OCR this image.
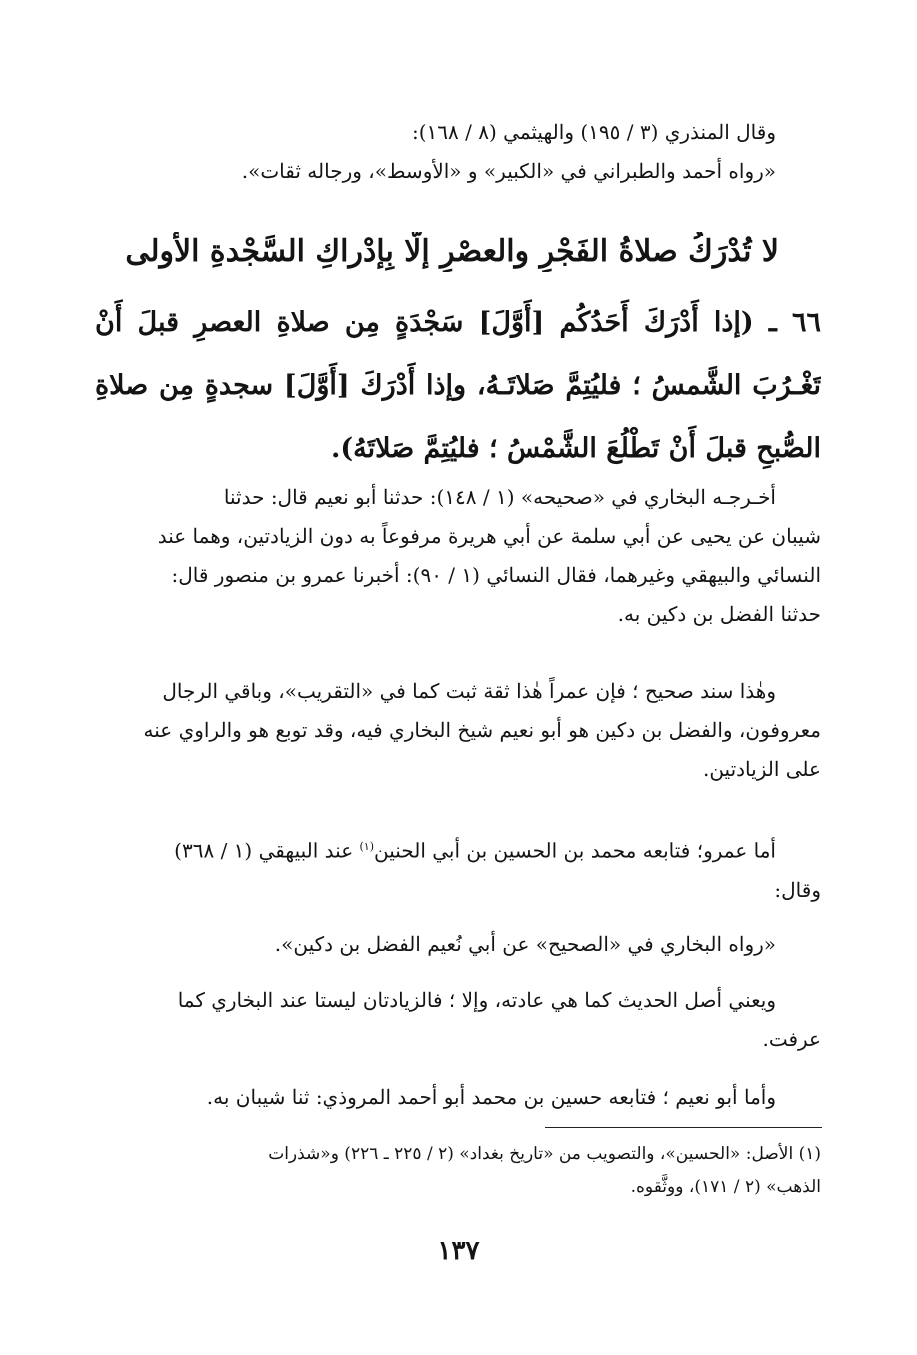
وقال المنذري (٣ / ١٩٥) والهيثمي (٨ / ١٦٨):
«رواه أحمد والطبراني في «الكبير» و «الأوسط»، ورجاله ثقات».
لا تُدْرَكُ صلاةُ الفَجْرِ والعصْرِ إلَّا بِإدْراكِ السَّجْدةِ الأولى
٦٦ ـ (إذا أَدْرَكَ أَحَدُكُم [أَوَّلَ] سَجْدَةٍ مِن صلاةِ العصرِ قبلَ أَنْ
تَغْـرُبَ الشَّمسُ ؛ فليُتِمَّ صَلاتَـهُ، وإذا أَدْرَكَ [أَوَّلَ] سجدةٍ مِن صلاةِ
الصُّبحِ قبلَ أَنْ تَطْلُعَ الشَّمْسُ ؛ فليُتِمَّ صَلاتَهُ).
أخـرجـه البخاري في «صحيحه» (١ / ١٤٨): حدثنا أبو نعيم قال: حدثنا
شيبان عن يحيى عن أبي سلمة عن أبي هريرة مرفوعاً به دون الزيادتين، وهما عند
النسائي والبيهقي وغيرهما، فقال النسائي (١ / ٩٠): أخبرنا عمرو بن منصور قال:
حدثنا الفضل بن دكين به.
وهٰذا سند صحيح ؛ فإن عمراً هٰذا ثقة ثبت كما في «التقريب»، وباقي الرجال
معروفون، والفضل بن دكين هو أبو نعيم شيخ البخاري فيه، وقد توبع هو والراوي عنه
على الزيادتين.
أما عمرو؛ فتابعه محمد بن الحسين بن أبي الحنين$^{(١)}$ عند البيهقي (١ / ٣٦٨)
وقال:
«رواه البخاري في «الصحيح» عن أبي نُعيم الفضل بن دكين».
ويعني أصل الحديث كما هي عادته، وإلا ؛ فالزيادتان ليستا عند البخاري كما
عرفت.
وأما أبو نعيم ؛ فتابعه حسين بن محمد أبو أحمد المروذي: ثنا شيبان به.
(١) الأصل: «الحسين»، والتصويب من «تاريخ بغداد» (٢ / ٢٢٥ ـ ٢٢٦) و«شذرات
الذهب» (٢ / ١٧١)، ووثَّقوه.
١٣٧
